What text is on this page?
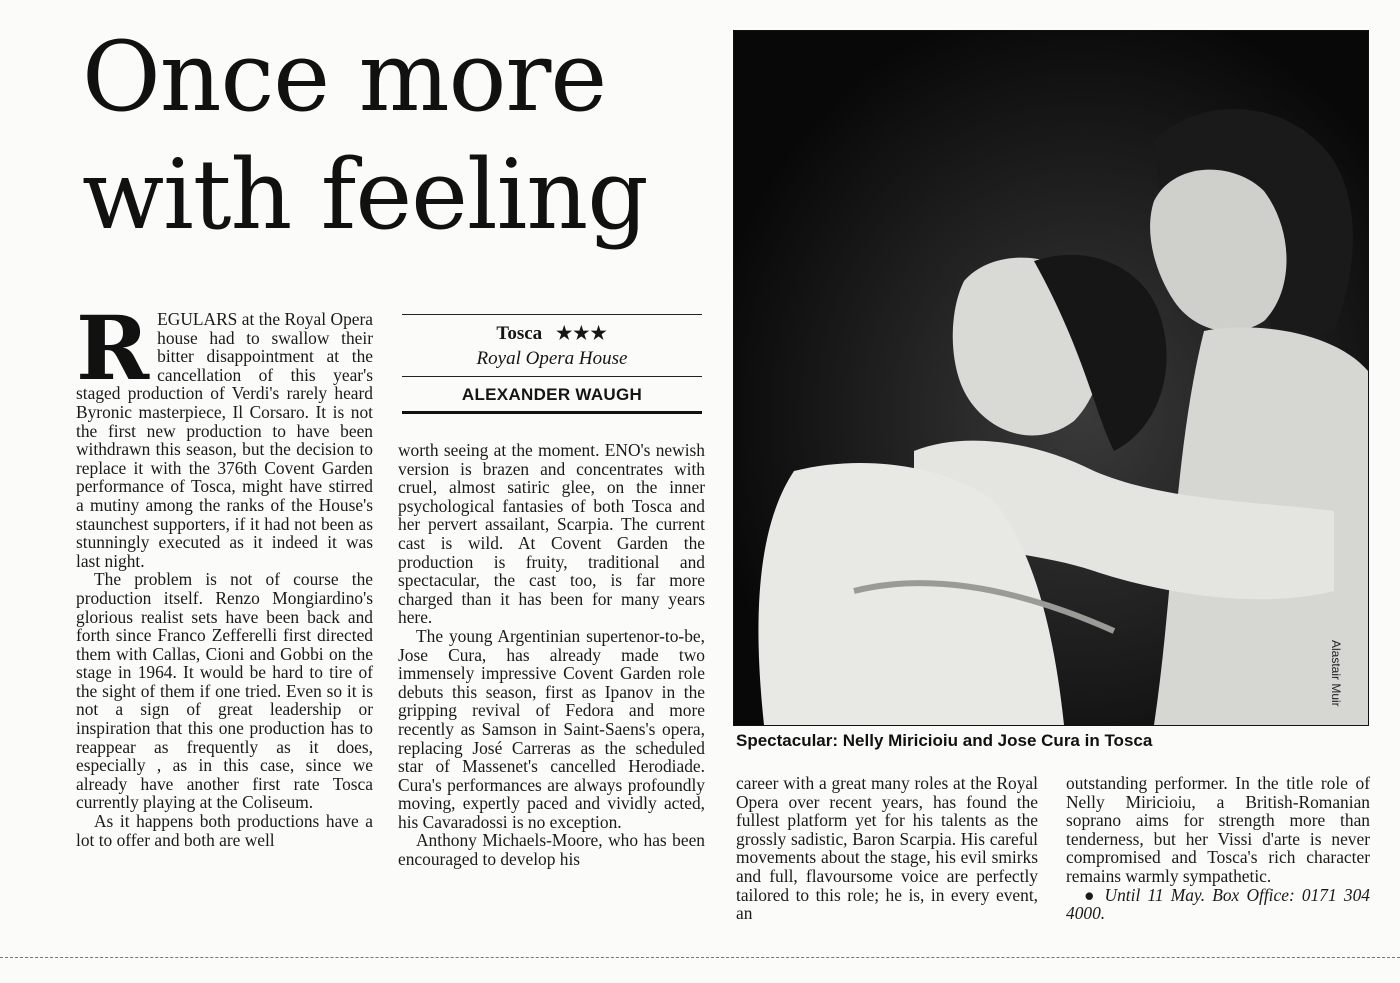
Once more
with feeling

REGULARS at the Royal Opera house had to swallow their bitter disappointment at the cancellation of this year's staged production of Verdi's rarely heard Byronic masterpiece, Il Corsaro. It is not the first new production to have been withdrawn this season, but the decision to replace it with the 376th Covent Garden performance of Tosca, might have stirred a mutiny among the ranks of the House's staunchest supporters, if it had not been as stunningly executed as it indeed it was last night.

The problem is not of course the production itself. Renzo Mongiardino's glorious realist sets have been back and forth since Franco Zefferelli first directed them with Callas, Cioni and Gobbi on the stage in 1964. It would be hard to tire of the sight of them if one tried. Even so it is not a sign of great leadership or inspiration that this one production has to reappear as frequently as it does, especially , as in this case, since we already have another first rate Tosca currently playing at the Coliseum.

As it happens both productions have a lot to offer and both are well

Tosca ★★★
Royal Opera House
ALEXANDER WAUGH

worth seeing at the moment. ENO's newish version is brazen and concentrates with cruel, almost satiric glee, on the inner psychological fantasies of both Tosca and her pervert assailant, Scarpia. The current cast is wild. At Covent Garden the production is fruity, traditional and spectacular, the cast too, is far more charged than it has been for many years here.

The young Argentinian supertenor-to-be, Jose Cura, has already made two immensely impressive Covent Garden role debuts this season, first as Ipanov in the gripping revival of Fedora and more recently as Samson in Saint-Saens's opera, replacing José Carreras as the scheduled star of Massenet's cancelled Herodiade. Cura's performances are always profoundly moving, expertly paced and vividly acted, his Cavaradossi is no exception.

Anthony Michaels-Moore, who has been encouraged to develop his

Alastair Muir
Spectacular: Nelly Miricioiu and Jose Cura in Tosca

career with a great many roles at the Royal Opera over recent years, has found the fullest platform yet for his talents as the grossly sadistic, Baron Scarpia. His careful movements about the stage, his evil smirks and full, flavoursome voice are perfectly tailored to this role; he is, in every event, an

outstanding performer. In the title role of Nelly Miricioiu, a British-Romanian soprano aims for strength more than tenderness, but her Vissi d'arte is never compromised and Tosca's rich character remains warmly sympathetic.

● Until 11 May. Box Office: 0171 304 4000.
